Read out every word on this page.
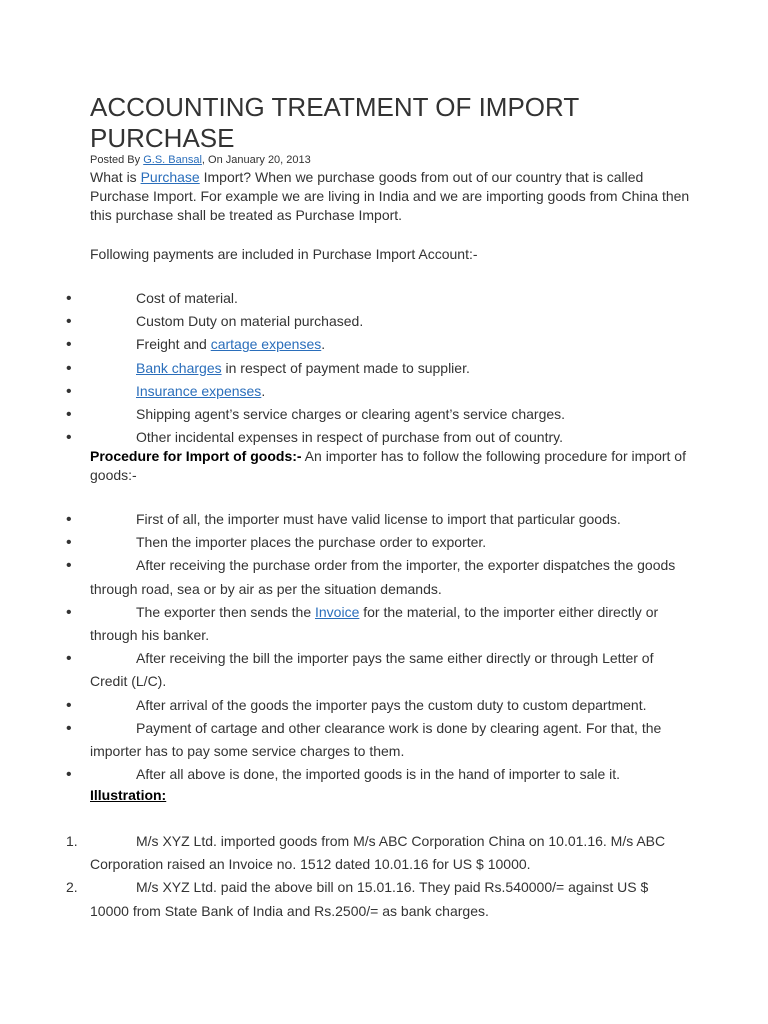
ACCOUNTING TREATMENT OF IMPORT PURCHASE
Posted By G.S. Bansal, On January 20, 2013

What is Purchase Import? When we purchase goods from out of our country that is called Purchase Import. For example we are living in India and we are importing goods from China then this purchase shall be treated as Purchase Import.

Following payments are included in Purchase Import Account:-

•	Cost of material.
•	Custom Duty on material purchased.
•	Freight and cartage expenses.
•	Bank charges in respect of payment made to supplier.
•	Insurance expenses.
•	Shipping agent’s service charges or clearing agent’s service charges.
•	Other incidental expenses in respect of purchase from out of country.

Procedure for Import of goods:- An importer has to follow the following procedure for import of goods:-

•	First of all, the importer must have valid license to import that particular goods.
•	Then the importer places the purchase order to exporter.
•	After receiving the purchase order from the importer, the exporter dispatches the goods through road, sea or by air as per the situation demands.
•	The exporter then sends the Invoice for the material, to the importer either directly or through his banker.
•	After receiving the bill the importer pays the same either directly or through Letter of Credit (L/C).
•	After arrival of the goods the importer pays the custom duty to custom department.
•	Payment of cartage and other clearance work is done by clearing agent. For that, the importer has to pay some service charges to them.
•	After all above is done, the imported goods is in the hand of importer to sale it.
Illustration:
1.	M/s XYZ Ltd. imported goods from M/s ABC Corporation China on 10.01.16. M/s ABC Corporation raised an Invoice no. 1512 dated 10.01.16 for US $ 10000.
2.	M/s XYZ Ltd. paid the above bill on 15.01.16. They paid Rs.540000/= against US $ 10000 from State Bank of India and Rs.2500/= as bank charges.
